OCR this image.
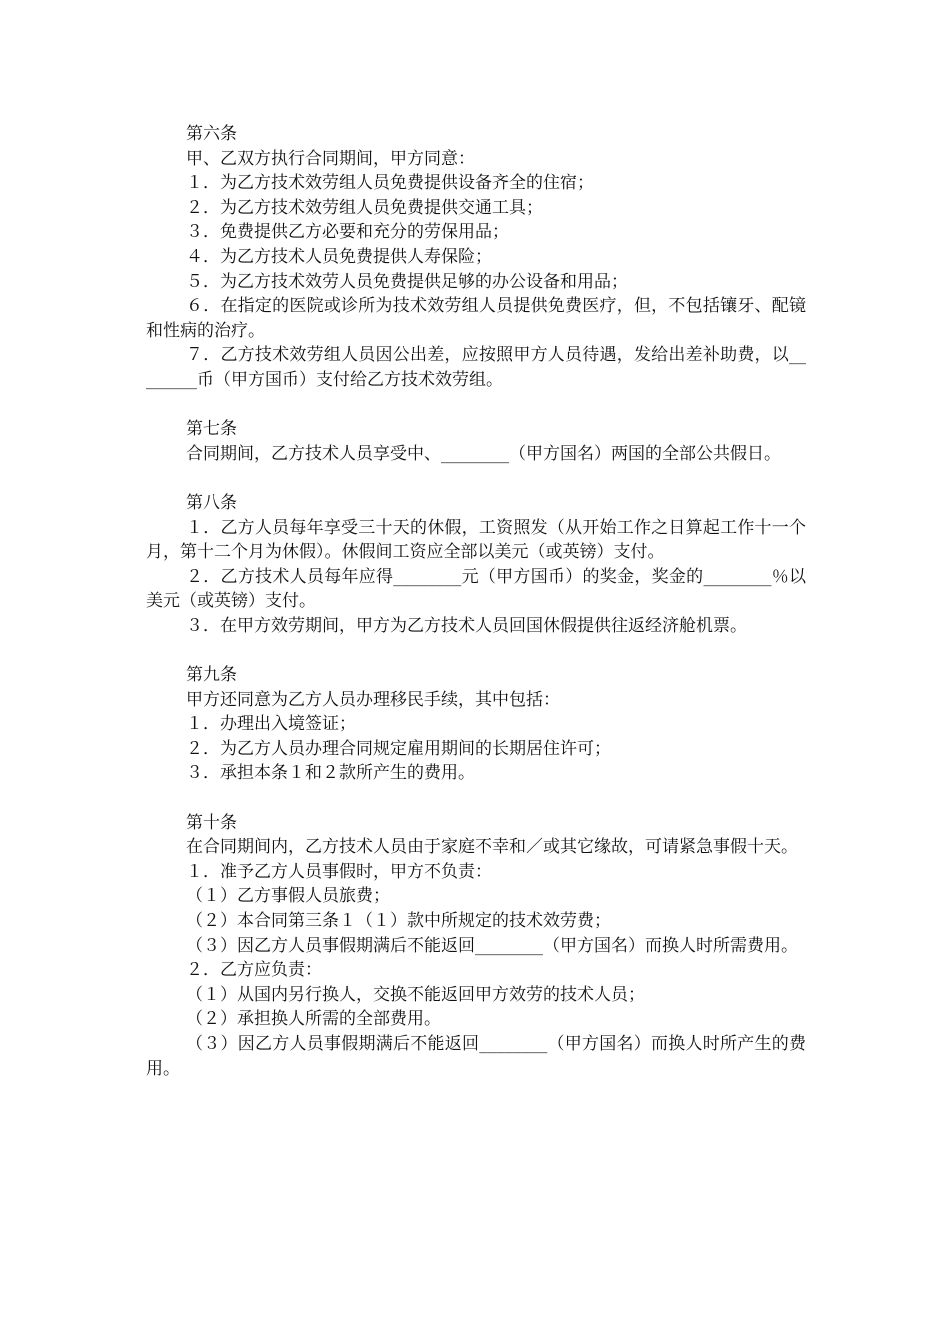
第六条

甲、乙双方执行合同期间，甲方同意：

１．为乙方技术效劳组人员免费提供设备齐全的住宿；

２．为乙方技术效劳组人员免费提供交通工具；

３．免费提供乙方必要和充分的劳保用品；

４．为乙方技术人员免费提供人寿保险；

５．为乙方技术效劳人员免费提供足够的办公设备和用品；

６．在指定的医院或诊所为技术效劳组人员提供免费医疗，但，不包括镶牙、配镜和性病的治疗。

７．乙方技术效劳组人员因公出差，应按照甲方人员待遇，发给出差补助费，以________币（甲方国币）支付给乙方技术效劳组。

第七条

合同期间，乙方技术人员享受中、________（甲方国名）两国的全部公共假日。

第八条

１．乙方人员每年享受三十天的休假，工资照发（从开始工作之日算起工作十一个月，第十二个月为休假）。休假间工资应全部以美元（或英镑）支付。

２．乙方技术人员每年应得________元（甲方国币）的奖金，奖金的________％以美元（或英镑）支付。

３．在甲方效劳期间，甲方为乙方技术人员回国休假提供往返经济舱机票。

第九条

甲方还同意为乙方人员办理移民手续，其中包括：

１．办理出入境签证；

２．为乙方人员办理合同规定雇用期间的长期居住许可；

３．承担本条１和２款所产生的费用。

第十条

在合同期间内，乙方技术人员由于家庭不幸和／或其它缘故，可请紧急事假十天。

１．准予乙方人员事假时，甲方不负责：

（１）乙方事假人员旅费；

（２）本合同第三条１（１）款中所规定的技术效劳费；

（３）因乙方人员事假期满后不能返回________（甲方国名）而换人时所需费用。

２．乙方应负责：

（１）从国内另行换人，交换不能返回甲方效劳的技术人员；

（２）承担换人所需的全部费用。

（３）因乙方人员事假期满后不能返回________（甲方国名）而换人时所产生的费用。
